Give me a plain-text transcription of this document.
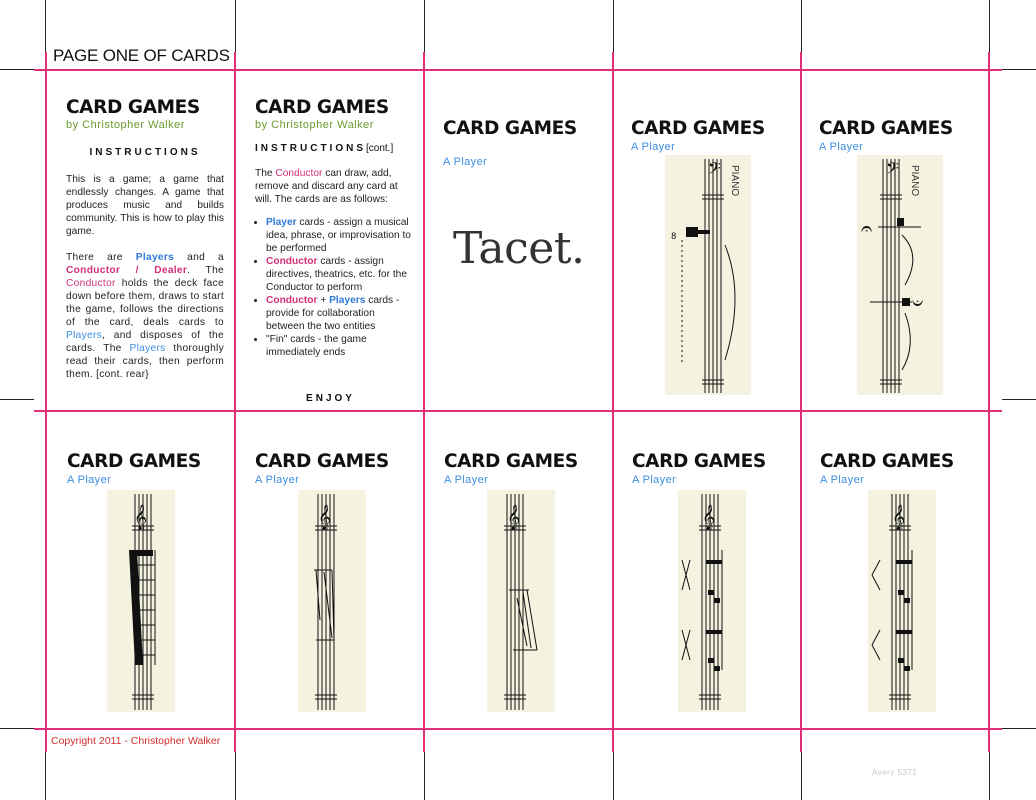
PAGE ONE OF CARDS
CARD GAMES
by Christopher Walker
INSTRUCTIONS
This is a game; a game that endlessly changes. A game that produces music and builds community. This is how to play this game.
There are Players and a Conductor / Dealer. The Conductor holds the deck face down before them, draws to start the game, follows the directions of the card, deals cards to Players, and disposes of the cards. The Players thoroughly read their cards, then perform them. [cont. rear}
CARD GAMES
by Christopher Walker
INSTRUCTIONS[cont.]
The Conductor can draw, add, remove and discard any card at will. The cards are as follows:
• Player cards - assign a musical idea, phrase, or improvisation to be performed
• Conductor cards - assign directives, theatrics, etc. for the Conductor to perform
• Conductor + Players cards - provide for collaboration between the two entities
• "Fin" cards - the game immediately ends
ENJOY
CARD GAMES
A Player
Tacet.
CARD GAMES
A Player
𝄢 PIANO
8
CARD GAMES
A Player
𝄢 PIANO
𝄐
𝄑
CARD GAMES
A Player
𝄞
CARD GAMES
A Player
𝄞
CARD GAMES
A Player
𝄞
CARD GAMES
A Player
𝄞
CARD GAMES
A Player
𝄞
Copyright 2011 - Christopher Walker
Avery 5371
